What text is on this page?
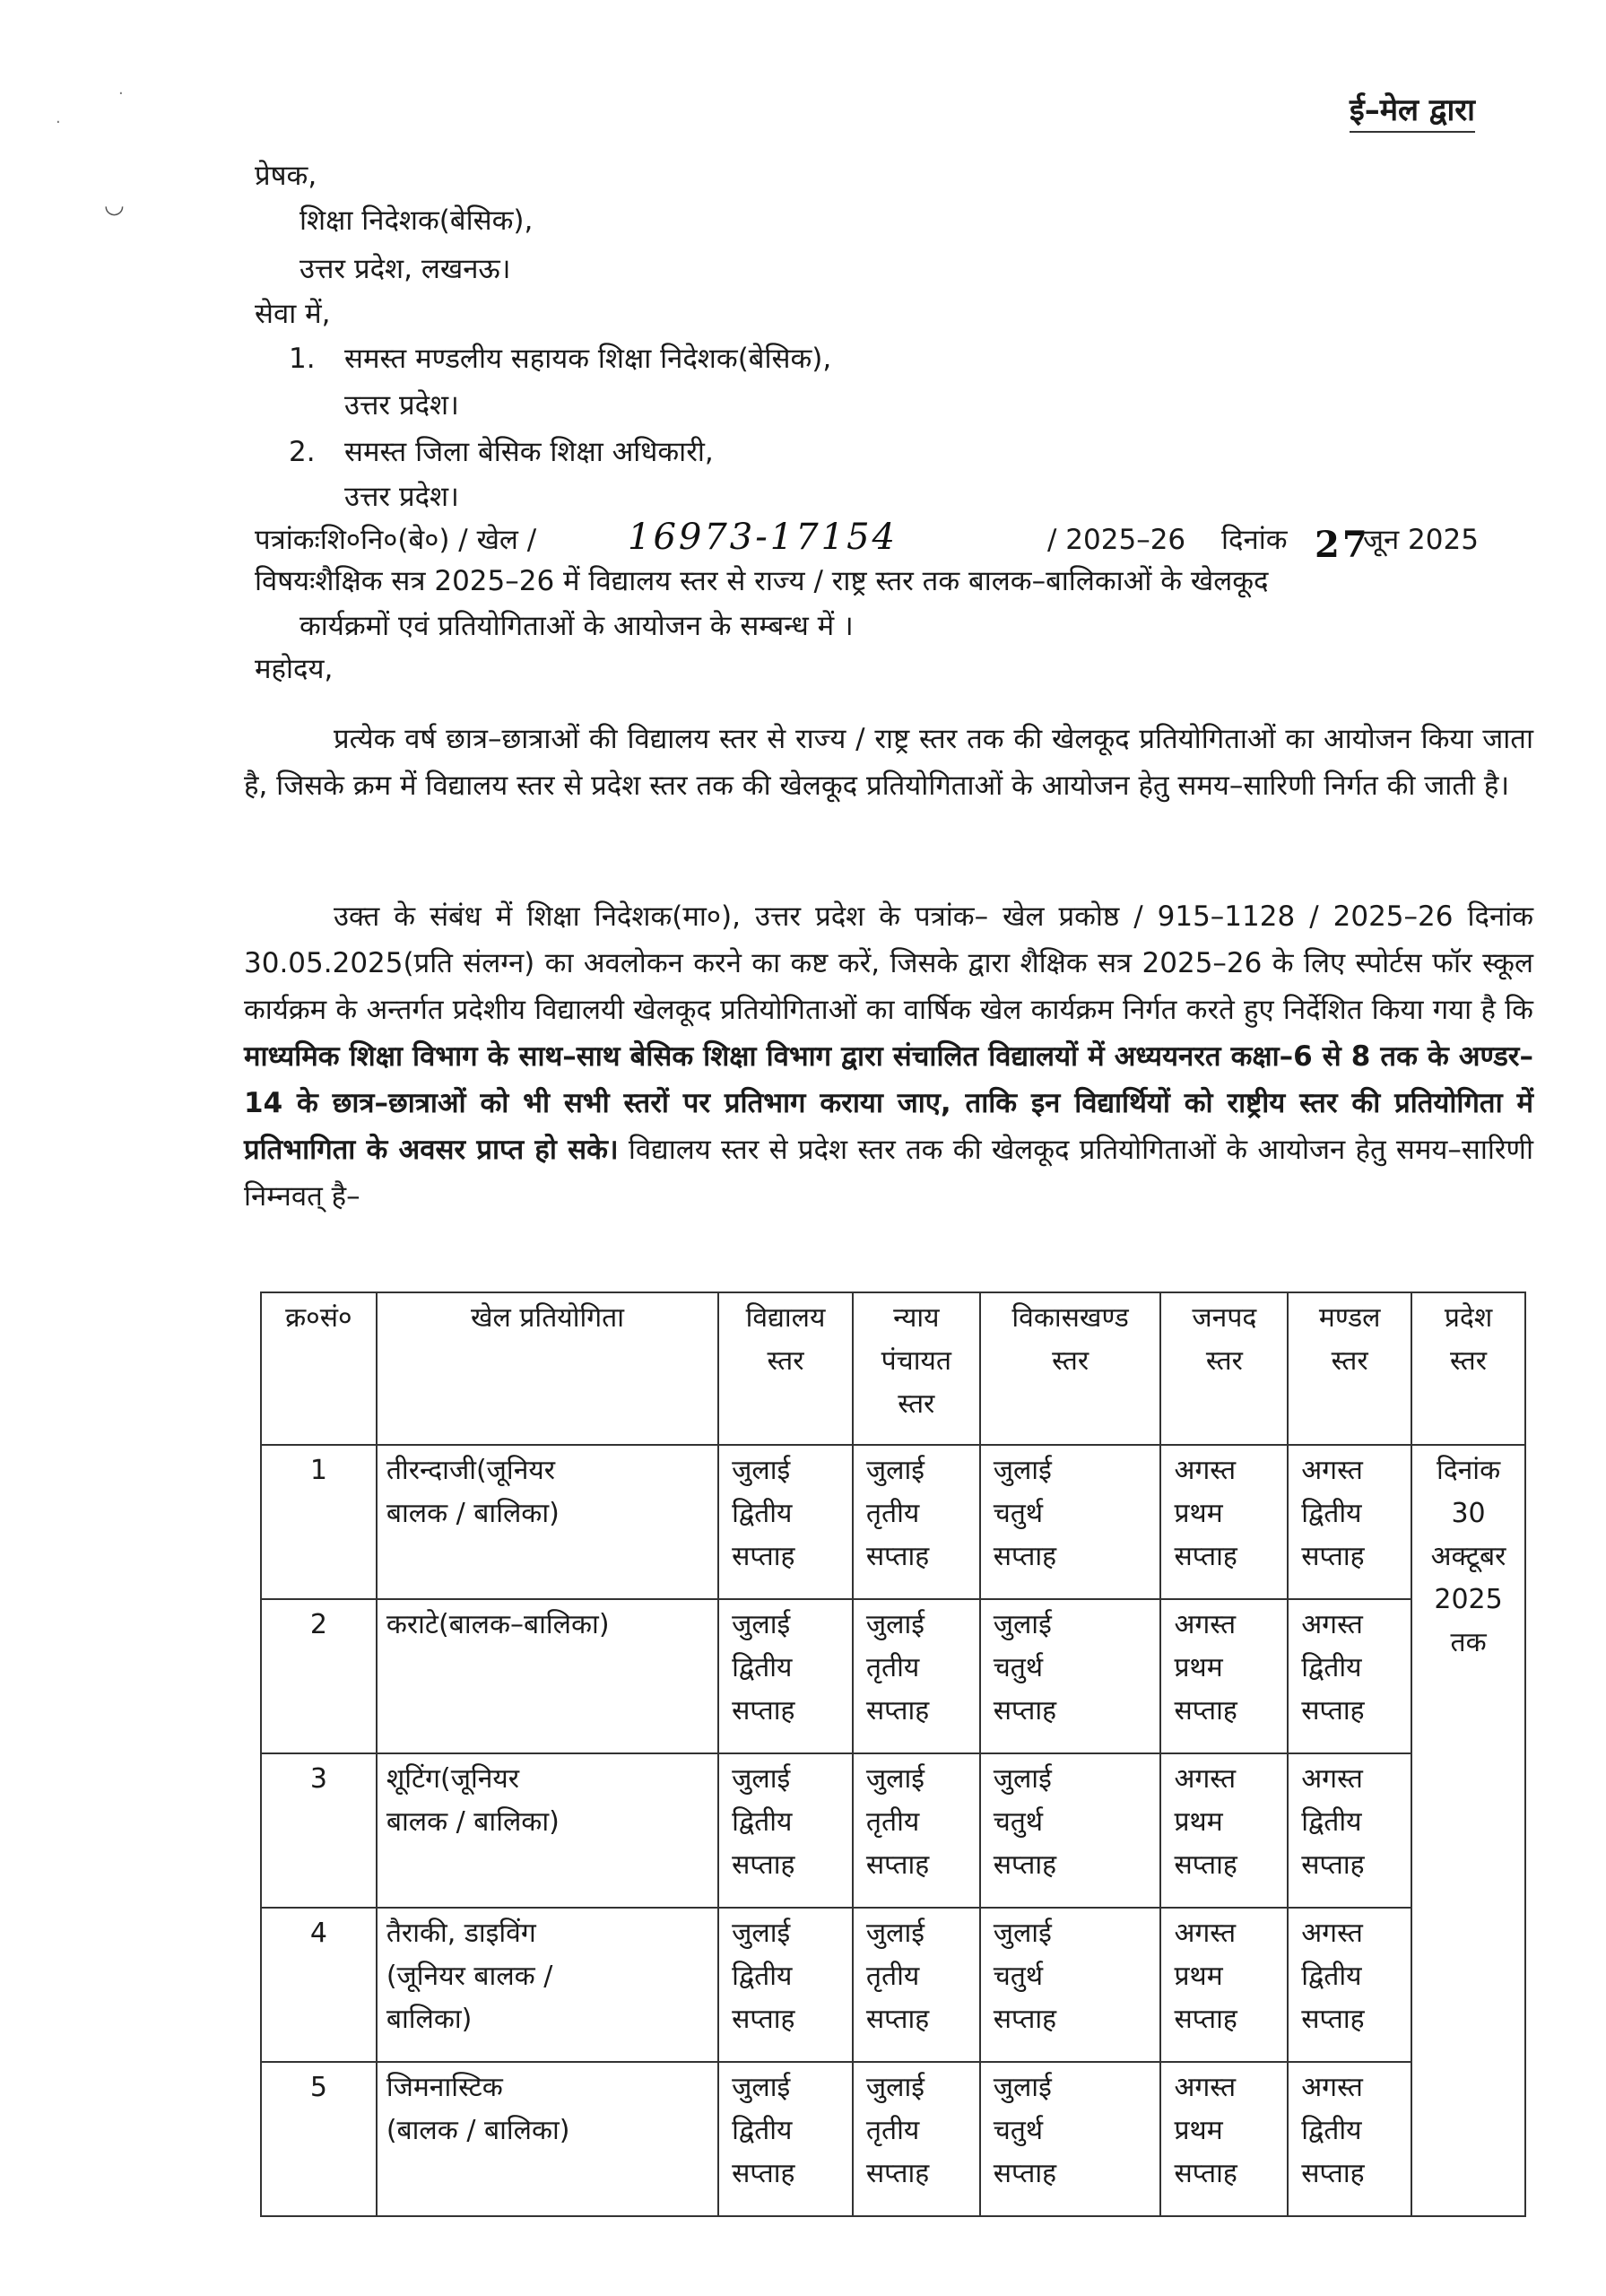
·
·
◡
ई–मेल द्वारा
प्रेषक,
शिक्षा निदेशक(बेसिक),
उत्तर प्रदेश, लखनऊ।
सेवा में,
1. समस्त मण्डलीय सहायक शिक्षा निदेशक(बेसिक),
उत्तर प्रदेश।
2. समस्त जिला बेसिक शिक्षा अधिकारी,
उत्तर प्रदेश।
पत्रांकःशि०नि०(बे०) / खेल /	16973-17154	/ 2025–26 दिनांक 27
जून 2025
विषयःशैक्षिक सत्र 2025–26 में विद्यालय स्तर से राज्य / राष्ट्र स्तर तक बालक–बालिकाओं के खेलकूद
कार्यक्रमों एवं प्रतियोगिताओं के आयोजन के सम्बन्ध में ।
महोदय,
प्रत्येक वर्ष छात्र–छात्राओं की विद्यालय स्तर से राज्य / राष्ट्र स्तर तक की खेलकूद प्रतियोगिताओं का आयोजन किया जाता है, जिसके क्रम में विद्यालय स्तर से प्रदेश स्तर तक की खेलकूद प्रतियोगिताओं के आयोजन हेतु समय–सारिणी निर्गत की जाती है।
उक्त के संबंध में शिक्षा निदेशक(मा०), उत्तर प्रदेश के पत्रांक– खेल प्रकोष्ठ / 915–1128 / 2025–26 दिनांक 30.05.2025(प्रति संलग्न) का अवलोकन करने का कष्ट करें, जिसके द्वारा शैक्षिक सत्र 2025–26 के लिए स्पोर्टस फॉर स्कूल कार्यक्रम के अन्तर्गत प्रदेशीय विद्यालयी खेलकूद प्रतियोगिताओं का वार्षिक खेल कार्यक्रम निर्गत करते हुए निर्देशित किया गया है कि माध्यमिक शिक्षा विभाग के साथ–साथ बेसिक शिक्षा विभाग द्वारा संचालित विद्यालयों में अध्ययनरत कक्षा–6 से 8 तक के अण्डर–14 के छात्र–छात्राओं को भी सभी स्तरों पर प्रतिभाग कराया जाए, ताकि इन विद्यार्थियों को राष्ट्रीय स्तर की प्रतियोगिता में प्रतिभागिता के अवसर प्राप्त हो सके। विद्यालय स्तर से प्रदेश स्तर तक की खेलकूद प्रतियोगिताओं के आयोजन हेतु समय–सारिणी निम्नवत् है–
क्र०सं०	खेल प्रतियोगिता	विद्यालय
स्तर	न्याय
पंचायत
स्तर	विकासखण्ड
स्तर	जनपद
स्तर	मण्डल
स्तर	प्रदेश
स्तर

1	तीरन्दाजी(जूनियर
बालक / बालिका)	जुलाई
द्वितीय
सप्ताह	जुलाई
तृतीय
सप्ताह	जुलाई
चतुर्थ
सप्ताह	अगस्त
प्रथम
सप्ताह	अगस्त
द्वितीय
सप्ताह	दिनांक
30
अक्टूबर
2025
तक

2	कराटे(बालक–बालिका)	जुलाई
द्वितीय
सप्ताह	जुलाई
तृतीय
सप्ताह	जुलाई
चतुर्थ
सप्ताह	अगस्त
प्रथम
सप्ताह	अगस्त
द्वितीय
सप्ताह	

3	शूटिंग(जूनियर
बालक / बालिका)	जुलाई
द्वितीय
सप्ताह	जुलाई
तृतीय
सप्ताह	जुलाई
चतुर्थ
सप्ताह	अगस्त
प्रथम
सप्ताह	अगस्त
द्वितीय
सप्ताह	

4	तैराकी, डाइविंग
(जूनियर बालक /
बालिका)	जुलाई
द्वितीय
सप्ताह	जुलाई
तृतीय
सप्ताह	जुलाई
चतुर्थ
सप्ताह	अगस्त
प्रथम
सप्ताह	अगस्त
द्वितीय
सप्ताह	

5	जिमनास्टिक
(बालक / बालिका)	जुलाई
द्वितीय
सप्ताह	जुलाई
तृतीय
सप्ताह	जुलाई
चतुर्थ
सप्ताह	अगस्त
प्रथम
सप्ताह	अगस्त
द्वितीय
सप्ताह	
